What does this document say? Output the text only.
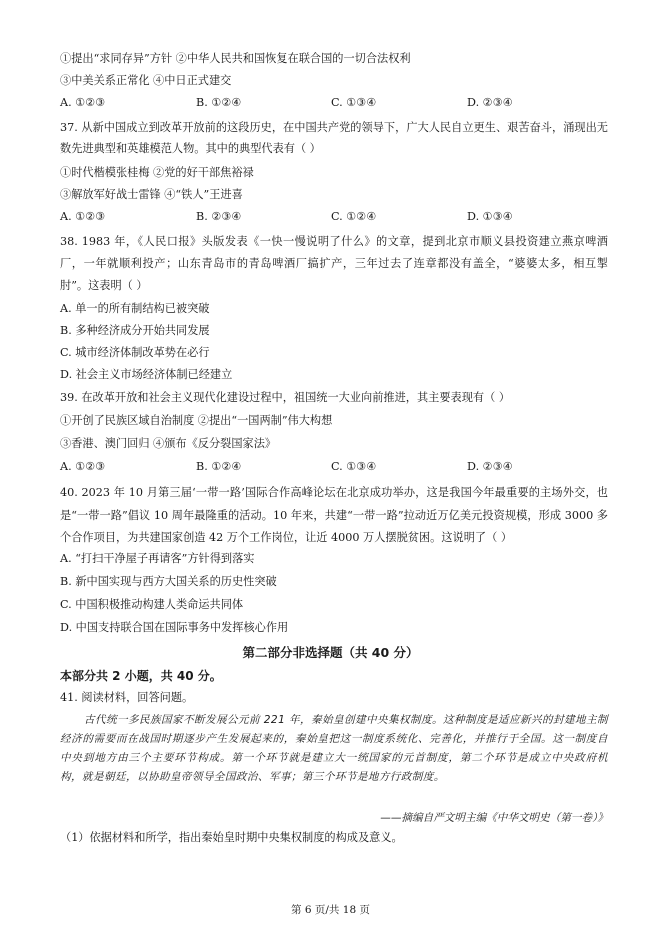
①提出“求同存异”方针 ②中华人民共和国恢复在联合国的一切合法权利
③中美关系正常化 ④中日正式建交
A. ①②③	B. ①②④	C. ①③④	D. ②③④
37. 从新中国成立到改革开放前的这段历史，在中国共产党的领导下，广大人民自立更生、艰苦奋斗，涌现出无数先进典型和英雄模范人物。其中的典型代表有（ ）
①时代楷模张桂梅 ②党的好干部焦裕禄
③解放军好战士雷锋 ④“铁人”王进喜
A. ①②③	B. ②③④	C. ①②④	D. ①③④
38. 1983 年，《人民口报》头版发表《一快一慢说明了什么》的文章，提到北京市顺义县投资建立燕京啤酒厂，一年就顺利投产；山东青岛市的青岛啤酒厂搞扩产，三年过去了连章都没有盖全，“婆婆太多，相互掣肘”。这表明（ ）
A. 单一的所有制结构已被突破
B. 多种经济成分开始共同发展
C. 城市经济体制改革势在必行
D. 社会主义市场经济体制已经建立
39. 在改革开放和社会主义现代化建设过程中，祖国统一大业向前推进，其主要表现有（ ）
①开创了民族区域自治制度 ②提出“一国两制”伟大构想
③香港、澳门回归 ④颁布《反分裂国家法》
A. ①②③	B. ①②④	C. ①③④	D. ②③④
40. 2023 年 10 月第三届‘一带一路’国际合作高峰论坛在北京成功举办，这是我国今年最重要的主场外交，也是“一带一路”倡议 10 周年最隆重的活动。10 年来，共建“一带一路”拉动近万亿美元投资规模，形成 3000 多个合作项目，为共建国家创造 42 万个工作岗位，让近 4000 万人摆脱贫困。这说明了（ ）
A. “打扫干净屋子再请客”方针得到落实
B. 新中国实现与西方大国关系的历史性突破
C. 中国积极推动构建人类命运共同体
D. 中国支持联合国在国际事务中发挥核心作用
第二部分非选择题（共 40 分）
本部分共 2 小题，共 40 分。
41. 阅读材料，回答问题。
古代统一多民族国家不断发展公元前 221 年，秦始皇创建中央集权制度。这种制度是适应新兴的封建地主制经济的需要而在战国时期逐步产生发展起来的，秦始皇把这一制度系统化、完善化，并推行于全国。这一制度自中央到地方由三个主要环节构成。第一个环节就是建立大一统国家的元首制度，第二个环节是成立中央政府机构，就是朝廷，以协助皇帝领导全国政治、军事；第三个环节是地方行政制度。
——摘编自严文明主编《中华文明史（第一卷）》
（1）依据材料和所学，指出秦始皇时期中央集权制度的构成及意义。
第 6 页/共 18 页
